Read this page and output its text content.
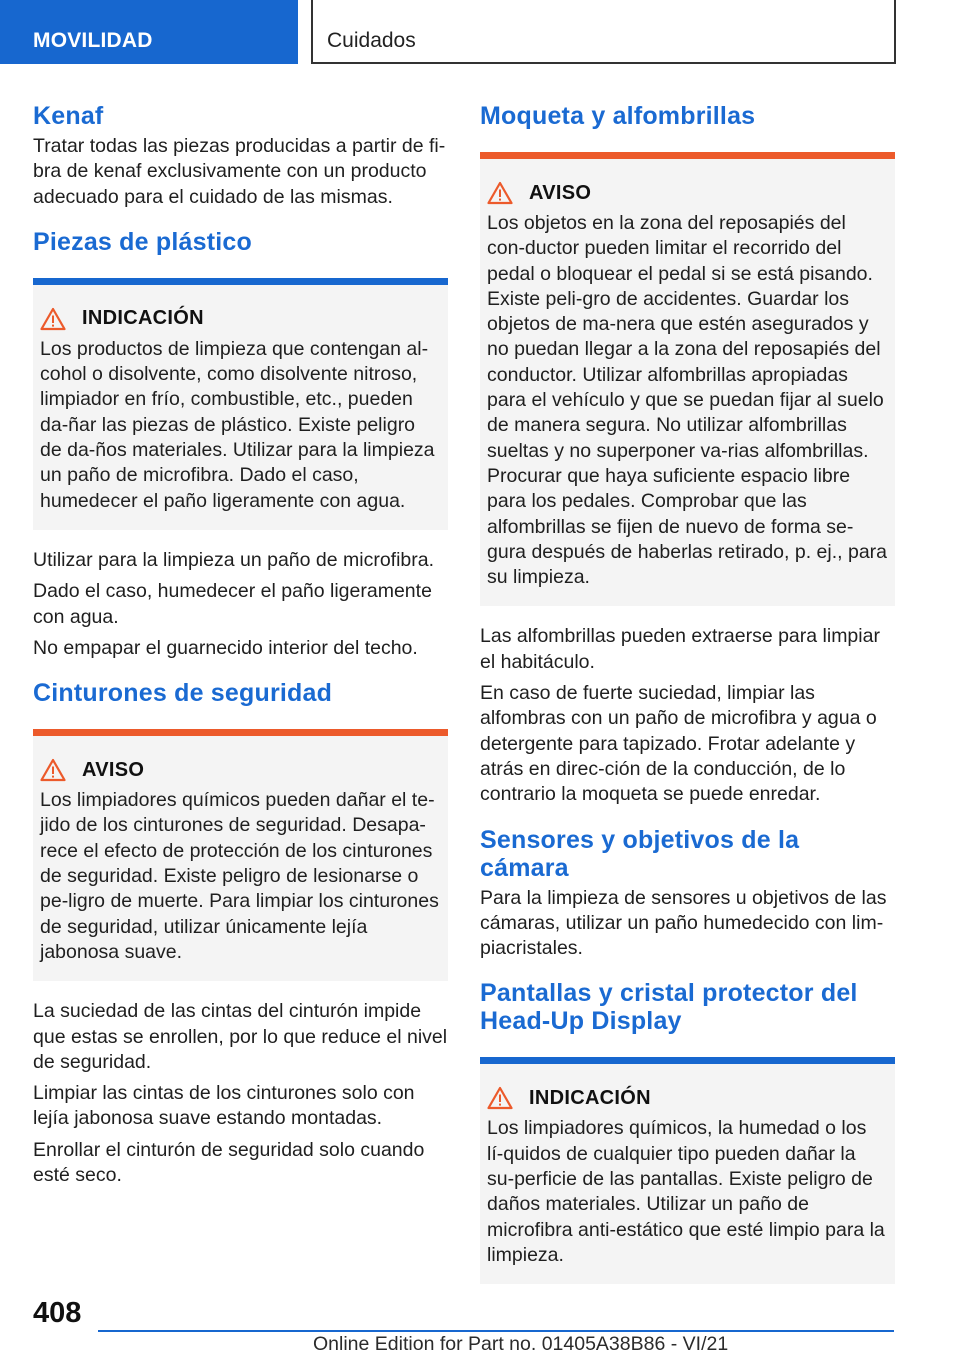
MOVILIDAD	Cuidados
Kenaf

Tratar todas las piezas producidas a partir de fi-bra de kenaf exclusivamente con un producto adecuado para el cuidado de las mismas.

Piezas de plástico
INDICACIÓN

Los productos de limpieza que contengan al-cohol o disolvente, como disolvente nitroso, limpiador en frío, combustible, etc., pueden da-ñar las piezas de plástico. Existe peligro de da-ños materiales. Utilizar para la limpieza un paño de microfibra. Dado el caso, humedecer el paño ligeramente con agua.

Utilizar para la limpieza un paño de microfibra.

Dado el caso, humedecer el paño ligeramente con agua.

No empapar el guarnecido interior del techo.

Cinturones de seguridad
AVISO

Los limpiadores químicos pueden dañar el te-jido de los cinturones de seguridad. Desapa-rece el efecto de protección de los cinturones de seguridad. Existe peligro de lesionarse o pe-ligro de muerte. Para limpiar los cinturones de seguridad, utilizar únicamente lejía jabonosa suave.

La suciedad de las cintas del cinturón impide que estas se enrollen, por lo que reduce el nivel de seguridad.

Limpiar las cintas de los cinturones solo con lejía jabonosa suave estando montadas.

Enrollar el cinturón de seguridad solo cuando esté seco.

Moqueta y alfombrillas
AVISO

Los objetos en la zona del reposapiés del con-ductor pueden limitar el recorrido del pedal o bloquear el pedal si se está pisando. Existe peli-gro de accidentes. Guardar los objetos de ma-nera que estén asegurados y no puedan llegar a la zona del reposapiés del conductor. Utilizar alfombrillas apropiadas para el vehículo y que se puedan fijar al suelo de manera segura. No utilizar alfombrillas sueltas y no superponer va-rias alfombrillas. Procurar que haya suficiente espacio libre para los pedales. Comprobar que las alfombrillas se fijen de nuevo de forma se-gura después de haberlas retirado, p. ej., para su limpieza.

Las alfombrillas pueden extraerse para limpiar el habitáculo.

En caso de fuerte suciedad, limpiar las alfombras con un paño de microfibra y agua o detergente para tapizado. Frotar adelante y atrás en direc-ción de la conducción, de lo contrario la moqueta se puede enredar.

Sensores y objetivos de la cámara

Para la limpieza de sensores u objetivos de las cámaras, utilizar un paño humedecido con lim-piacristales.

Pantallas y cristal protector del Head-Up Display
INDICACIÓN

Los limpiadores químicos, la humedad o los lí-quidos de cualquier tipo pueden dañar la su-perficie de las pantallas. Existe peligro de daños materiales. Utilizar un paño de microfibra anti-estático que esté limpio para la limpieza.

408
Online Edition for Part no. 01405A38B86 - VI/21
